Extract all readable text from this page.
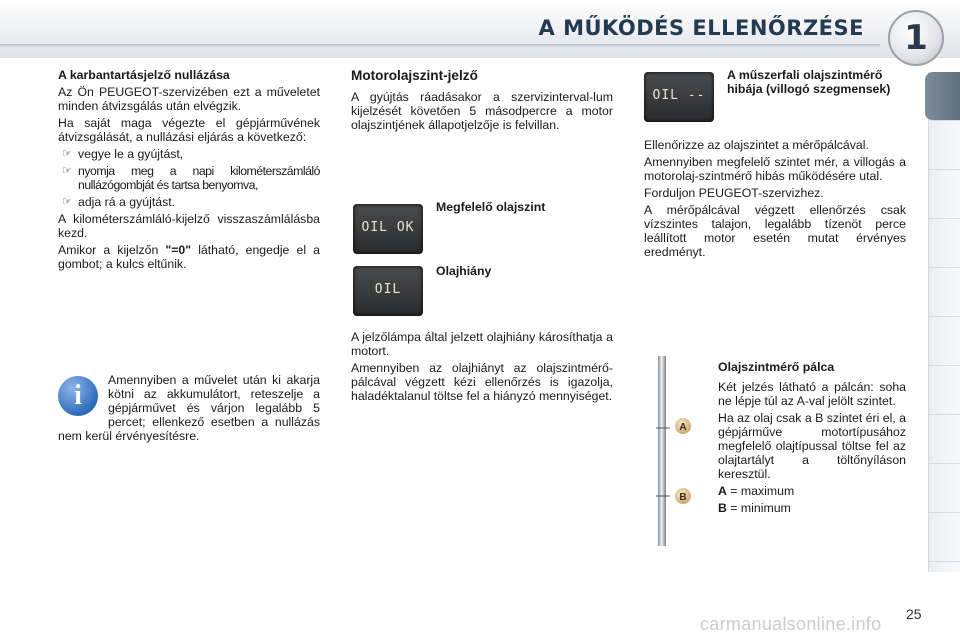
A MŰKÖDÉS ELLENŐRZÉSE	1

A karbantartásjelző nullázása

Az Ön PEUGEOT-szervizében ezt a műveletet minden átvizsgálás után elvégzik.

Ha saját maga végezte el gépjárművének átvizsgálását, a nullázási eljárás a következő:

☞ vegye le a gyújtást,

☞ nyomja meg a napi kilométerszámláló nullázógombját és tartsa benyomva,

☞ adja rá a gyújtást.

A kilométerszámláló-kijelző visszaszámlálásba kezd.

Amikor a kijelzőn "=0" látható, engedje el a gombot; a kulcs eltűnik.

i	Amennyiben a művelet után ki akarja kötni az akkumulátort, reteszelje a gépjárművet és várjon legalább 5 percet; ellenkező esetben a nullázás nem kerül érvényesítésre.

Motorolajszint-jelző

A gyújtás ráadásakor a szervizinterval-lum kijelzését követően 5 másodpercre a motor olajszintjének állapotjelzője is felvillan.

OIL OK
Megfelelő olajszint
OIL
Olajhiány

A jelzőlámpa által jelzett olajhiány károsíthatja a motort.

Amennyiben az olajhiányt az olajszintmérő-pálcával végzett kézi ellenőrzés is igazolja, haladéktalanul töltse fel a hiányzó mennyiséget.

OIL --
A műszerfali olajszintmérő hibája (villogó szegmensek)

Ellenőrizze az olajszintet a mérőpálcával.

Amennyiben megfelelő szintet mér, a villogás a motorolaj-szintmérő hibás működésére utal.

Forduljon PEUGEOT-szervizhez.

A mérőpálcával végzett ellenőrzés csak vízszintes talajon, legalább tízenöt perce leállított motor esetén mutat érvényes eredményt.

A
B

Olajszintmérő pálca

Két jelzés látható a pálcán: soha ne lépje túl az A-val jelölt szintet.

Ha az olaj csak a B szintet éri el, a gépjárműve motortípusához megfelelő olajtípussal töltse fel az olajtartályt a töltőnyíláson keresztül.

A = maximum

B = minimum

25
carmanualsonline.info
